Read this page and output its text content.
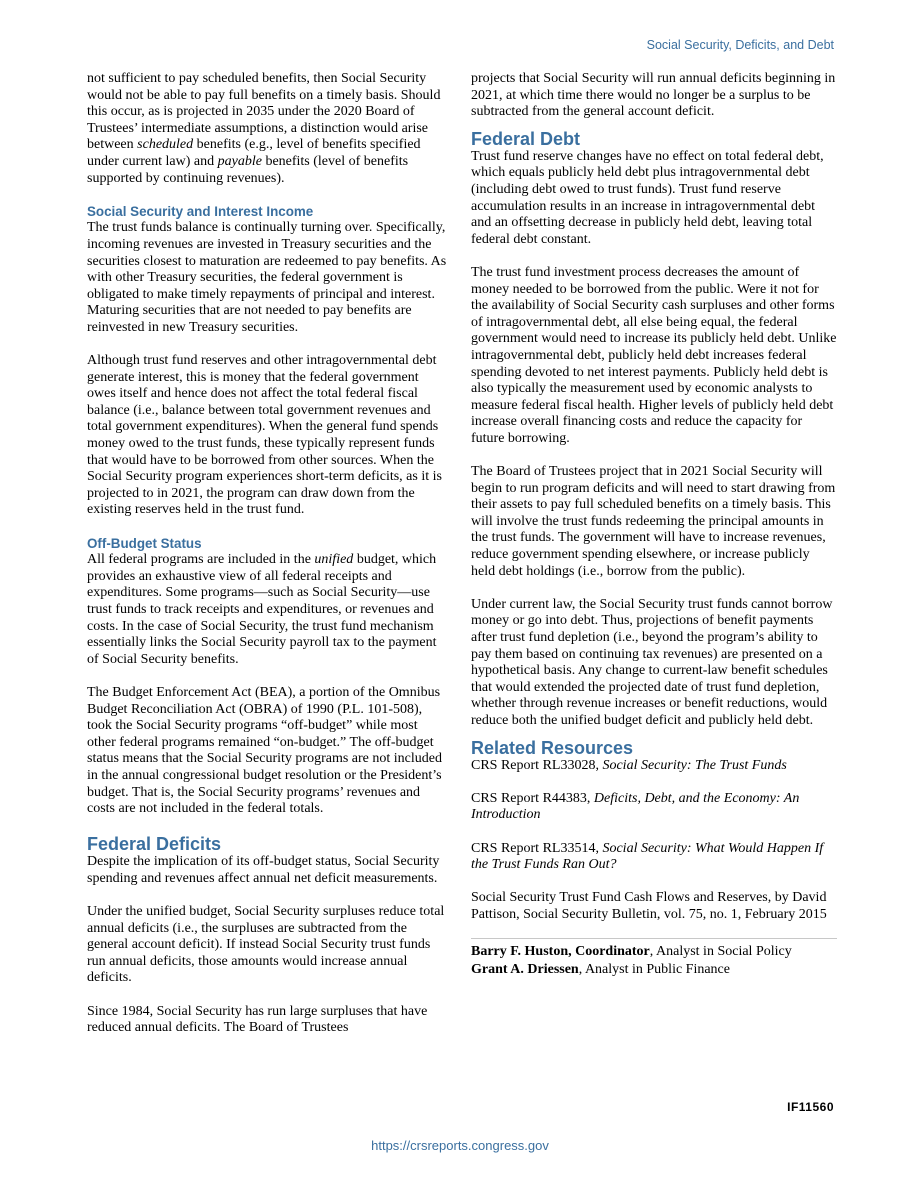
Social Security, Deficits, and Debt

not sufficient to pay scheduled benefits, then Social Security would not be able to pay full benefits on a timely basis. Should this occur, as is projected in 2035 under the 2020 Board of Trustees’ intermediate assumptions, a distinction would arise between scheduled benefits (e.g., level of benefits specified under current law) and payable benefits (level of benefits supported by continuing revenues).

Social Security and Interest Income

The trust funds balance is continually turning over. Specifically, incoming revenues are invested in Treasury securities and the securities closest to maturation are redeemed to pay benefits. As with other Treasury securities, the federal government is obligated to make timely repayments of principal and interest. Maturing securities that are not needed to pay benefits are reinvested in new Treasury securities.

Although trust fund reserves and other intragovernmental debt generate interest, this is money that the federal government owes itself and hence does not affect the total federal fiscal balance (i.e., balance between total government revenues and total government expenditures). When the general fund spends money owed to the trust funds, these typically represent funds that would have to be borrowed from other sources. When the Social Security program experiences short-term deficits, as it is projected to in 2021, the program can draw down from the existing reserves held in the trust fund.

Off-Budget Status

All federal programs are included in the unified budget, which provides an exhaustive view of all federal receipts and expenditures. Some programs—such as Social Security—use trust funds to track receipts and expenditures, or revenues and costs. In the case of Social Security, the trust fund mechanism essentially links the Social Security payroll tax to the payment of Social Security benefits.

The Budget Enforcement Act (BEA), a portion of the Omnibus Budget Reconciliation Act (OBRA) of 1990 (P.L. 101-508), took the Social Security programs “off-budget” while most other federal programs remained “on-budget.” The off-budget status means that the Social Security programs are not included in the annual congressional budget resolution or the President’s budget. That is, the Social Security programs’ revenues and costs are not included in the federal totals.

Federal Deficits

Despite the implication of its off-budget status, Social Security spending and revenues affect annual net deficit measurements.

Under the unified budget, Social Security surpluses reduce total annual deficits (i.e., the surpluses are subtracted from the general account deficit). If instead Social Security trust funds run annual deficits, those amounts would increase annual deficits.

Since 1984, Social Security has run large surpluses that have reduced annual deficits. The Board of Trustees

projects that Social Security will run annual deficits beginning in 2021, at which time there would no longer be a surplus to be subtracted from the general account deficit.

Federal Debt

Trust fund reserve changes have no effect on total federal debt, which equals publicly held debt plus intragovernmental debt (including debt owed to trust funds). Trust fund reserve accumulation results in an increase in intragovernmental debt and an offsetting decrease in publicly held debt, leaving total federal debt constant.

The trust fund investment process decreases the amount of money needed to be borrowed from the public. Were it not for the availability of Social Security cash surpluses and other forms of intragovernmental debt, all else being equal, the federal government would need to increase its publicly held debt. Unlike intragovernmental debt, publicly held debt increases federal spending devoted to net interest payments. Publicly held debt is also typically the measurement used by economic analysts to measure federal fiscal health. Higher levels of publicly held debt increase overall financing costs and reduce the capacity for future borrowing.

The Board of Trustees project that in 2021 Social Security will begin to run program deficits and will need to start drawing from their assets to pay full scheduled benefits on a timely basis. This will involve the trust funds redeeming the principal amounts in the trust funds. The government will have to increase revenues, reduce government spending elsewhere, or increase publicly held debt holdings (i.e., borrow from the public).

Under current law, the Social Security trust funds cannot borrow money or go into debt. Thus, projections of benefit payments after trust fund depletion (i.e., beyond the program’s ability to pay them based on continuing tax revenues) are presented on a hypothetical basis. Any change to current-law benefit schedules that would extended the projected date of trust fund depletion, whether through revenue increases or benefit reductions, would reduce both the unified budget deficit and publicly held debt.

Related Resources

CRS Report RL33028, Social Security: The Trust Funds

CRS Report R44383, Deficits, Debt, and the Economy: An Introduction

CRS Report RL33514, Social Security: What Would Happen If the Trust Funds Ran Out?

Social Security Trust Fund Cash Flows and Reserves, by David Pattison, Social Security Bulletin, vol. 75, no. 1, February 2015

Barry F. Huston, Coordinator, Analyst in Social Policy

Grant A. Driessen, Analyst in Public Finance

IF11560
https://crsreports.congress.gov
